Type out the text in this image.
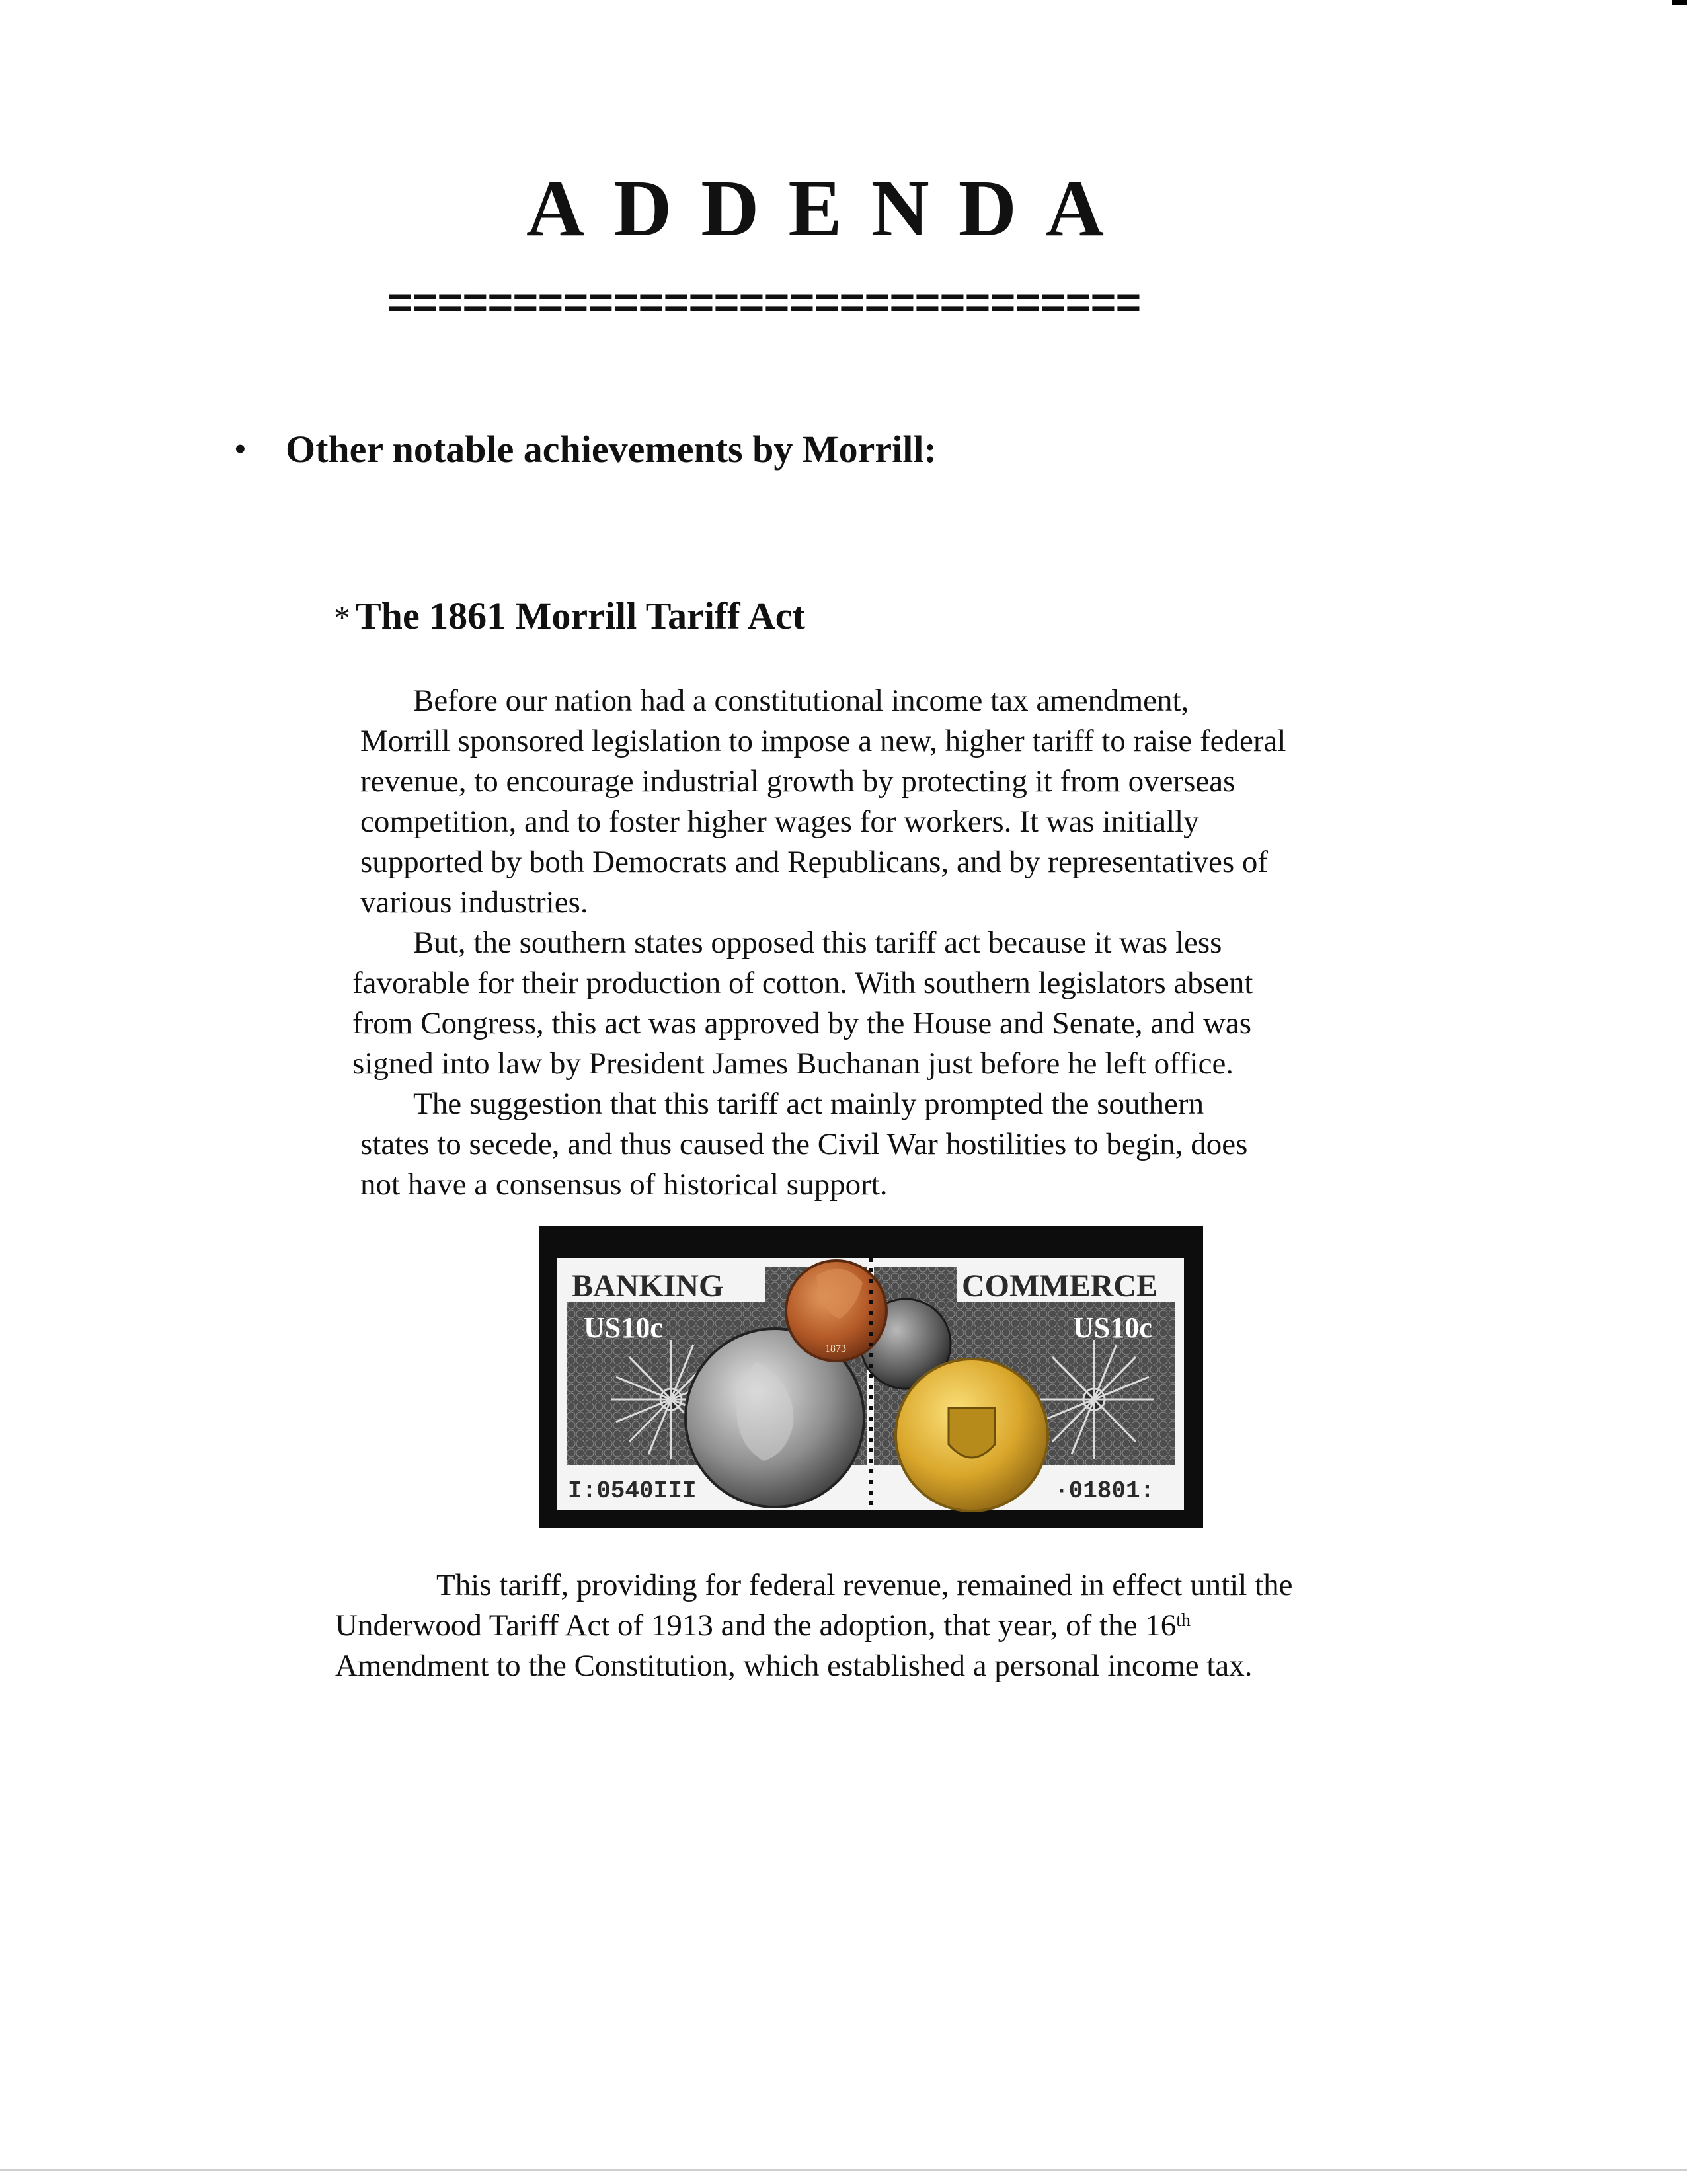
ADDENDA
==============================
• Other notable achievements by Morrill:
* The 1861 Morrill Tariff Act
Before our nation had a constitutional income tax amendment,
Morrill sponsored legislation to impose a new, higher tariff to raise federal
revenue, to encourage industrial growth by protecting it from overseas
competition, and to foster higher wages for workers. It was initially
supported by both Democrats and Republicans, and by representatives of
various industries.
But, the southern states opposed this tariff act because it was less
favorable for their production of cotton. With southern legislators absent
from Congress, this act was approved by the House and Senate, and was
signed into law by President James Buchanan just before he left office.
The suggestion that this tariff act mainly prompted the southern
states to secede, and thus caused the Civil War hostilities to begin, does
not have a consensus of historical support.
BANKING	COMMERCE
US10c	US10c
1873
I:0540III	·01801:
This tariff, providing for federal revenue, remained in effect until the
Underwood Tariff Act of 1913 and the adoption, that year, of the 16th
Amendment to the Constitution, which established a personal income tax.
